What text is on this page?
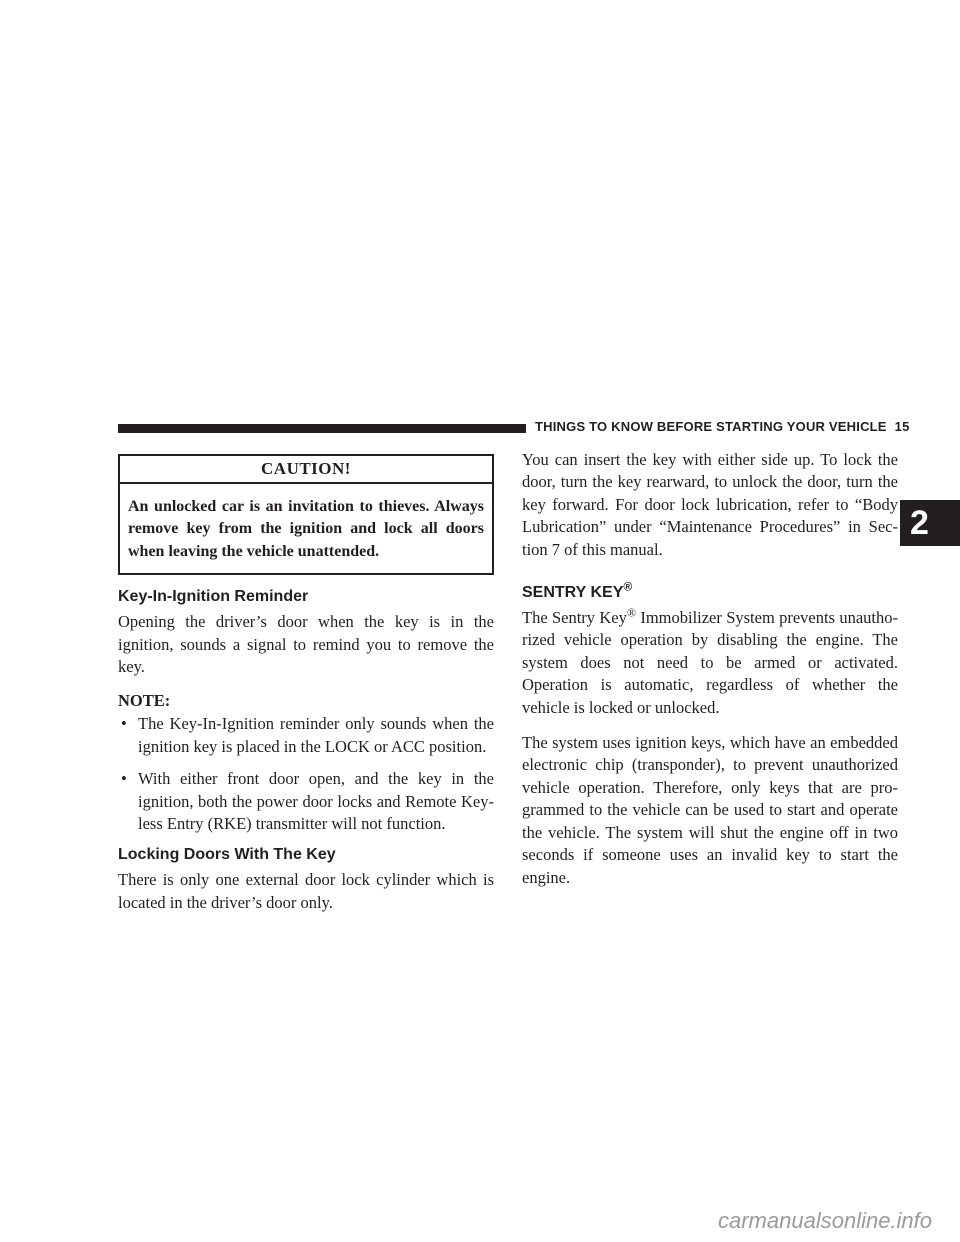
THINGS TO KNOW BEFORE STARTING YOUR VEHICLE 15
2
CAUTION!
An unlocked car is an invitation to thieves. Always remove key from the ignition and lock all doors when leaving the vehicle unattended.
Key-In-Ignition Reminder

Opening the driver’s door when the key is in the ignition, sounds a signal to remind you to remove the key.

NOTE:
• The Key-In-Ignition reminder only sounds when the ignition key is placed in the LOCK or ACC position.
• With either front door open, and the key in the ignition, both the power door locks and Remote Key-less Entry (RKE) transmitter will not function.
Locking Doors With The Key

There is only one external door lock cylinder which is located in the driver’s door only.

You can insert the key with either side up. To lock the door, turn the key rearward, to unlock the door, turn the key forward. For door lock lubrication, refer to “Body Lubrication” under “Maintenance Procedures” in Sec-tion 7 of this manual.

SENTRY KEY®

The Sentry Key® Immobilizer System prevents unautho-rized vehicle operation by disabling the engine. The system does not need to be armed or activated. Operation is automatic, regardless of whether the vehicle is locked or unlocked.

The system uses ignition keys, which have an embedded electronic chip (transponder), to prevent unauthorized vehicle operation. Therefore, only keys that are pro-grammed to the vehicle can be used to start and operate the vehicle. The system will shut the engine off in two seconds if someone uses an invalid key to start the engine.

carmanualsonline.info
